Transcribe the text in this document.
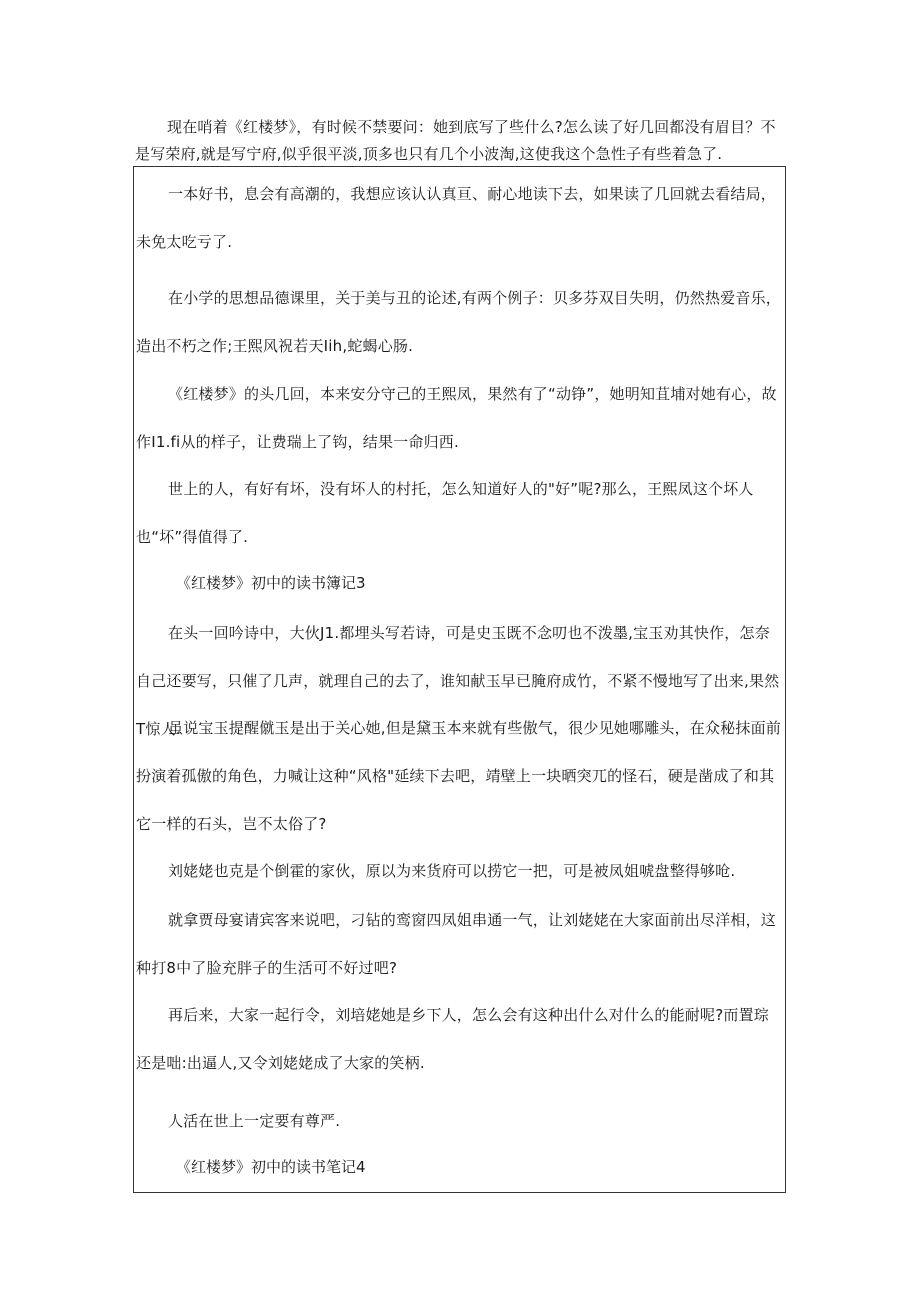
现在哨着《红楼梦》，有时候不禁要问：她到底写了些什么?怎么读了好几回都没有眉目？不是写荣府,就是写宁府,似乎很平淡,顶多也只有几个小波淘,这使我这个急性子有些着急了.

一本好书，息会有高潮的，我想应该认认真亘、耐心地读下去，如果读了几回就去看结局，未免太吃亏了.

在小学的思想品德课里，关于美与丑的论述,有两个例子：贝多芬双目失明，仍然热爱音乐，造出不朽之作;王熙风祝若天Iih,蛇蝎心肠.

《红楼梦》的头几回，本来安分守己的王熙凤，果然有了“动铮”，她明知苴埔对她有心，故作I1.fi从的样子，让费瑞上了钩，结果一命归西.

世上的人，有好有坏，没有坏人的村托，怎么知道好人的"好”呢?那么，王熙凤这个坏人也“坏”得值得了.

《红楼梦》初中的读书簿记3

在头一回吟诗中，大伙J1.都埋头写若诗，可是史玉既不念叨也不泼墨,宝玉劝其快作，怎奈自己还要写，只催了几声，就理自己的去了，谁知献玉早已腌府成竹，不紧不慢地写了出来,果然T惊人.

虽说宝玉提醒僦玉是出于关心她,但是黛玉本来就有些傲气，很少见她哪雕头，在众秘抹面前扮演着孤傲的角色，力喊让这种“风格"延续下去吧，靖壁上一块晒突兀的怪石，硬是凿成了和其它一样的石头，岂不太俗了?

刘姥姥也克是个倒霍的家伙，原以为来货府可以捞它一把，可是被凤姐唬盘整得够呛.

就拿贾母宴请宾客来说吧，刁钻的鸾窗四凤姐串通一气，让刘姥姥在大家面前出尽洋相，这种打8中了脸充胖子的生活可不好过吧?

再后来，大家一起行令，刘培姥她是乡下人，怎么会有这种出什么对什么的能耐呢?而置琮还是咄:出逼人,又令刘姥姥成了大家的笑柄.

人活在世上一定要有尊严.

《红楼梦》初中的读书笔记4
